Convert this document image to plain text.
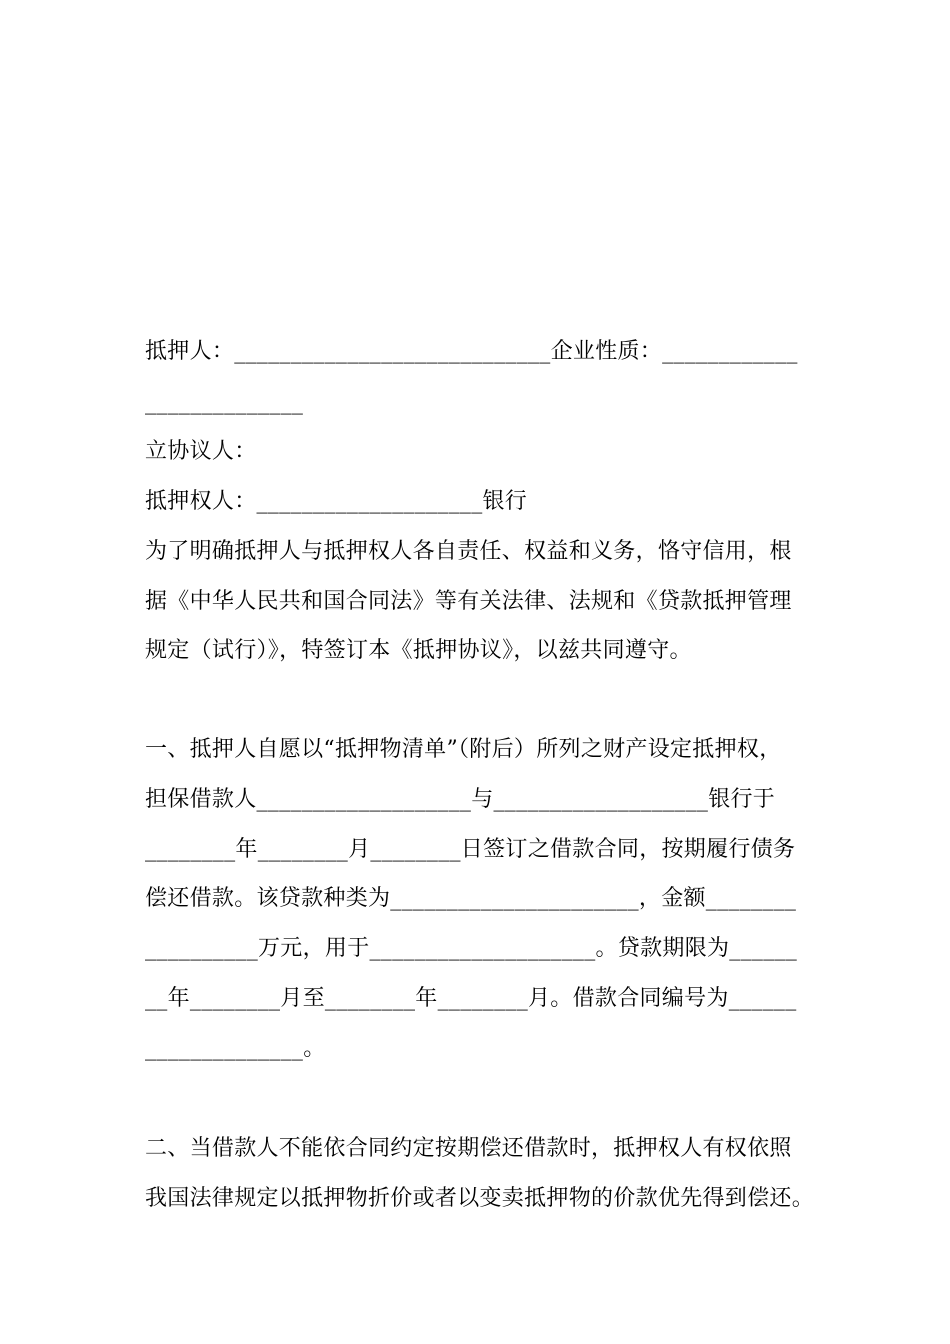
抵押人：____________________________企业性质：____________
______________
立协议人：
抵押权人：____________________银行
为了明确抵押人与抵押权人各自责任、权益和义务，恪守信用，根
据《中华人民共和国合同法》等有关法律、法规和《贷款抵押管理
规定（试行）》，特签订本《抵押协议》，以兹共同遵守。
一、抵押人自愿以“抵押物清单”（附后）所列之财产设定抵押权，
担保借款人___________________与___________________银行于
________年________月________日签订之借款合同，按期履行债务
偿还借款。该贷款种类为______________________，金额________
__________万元，用于____________________。贷款期限为______
__年________月至________年________月。借款合同编号为______
______________。
二、当借款人不能依合同约定按期偿还借款时，抵押权人有权依照
我国法律规定以抵押物折价或者以变卖抵押物的价款优先得到偿还。
